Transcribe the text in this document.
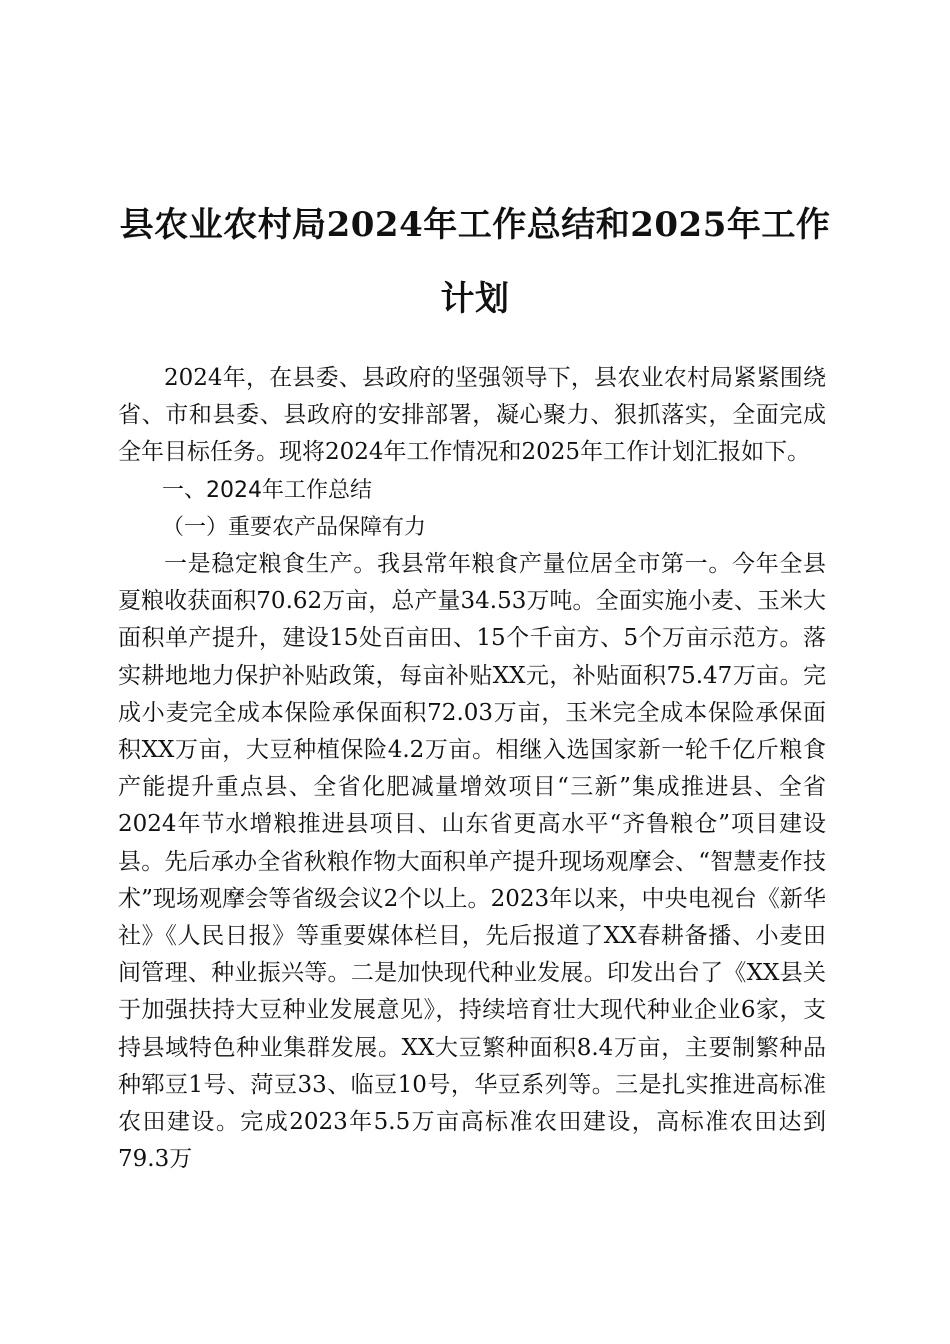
县农业农村局2024年工作总结和2025年工作计划

2024年，在县委、县政府的坚强领导下，县农业农村局紧紧围绕省、市和县委、县政府的安排部署，凝心聚力、狠抓落实，全面完成全年目标任务。现将2024年工作情况和2025年工作计划汇报如下。

一、2024年工作总结

（一）重要农产品保障有力

一是稳定粮食生产。我县常年粮食产量位居全市第一。今年全县夏粮收获面积70.62万亩，总产量34.53万吨。全面实施小麦、玉米大面积单产提升，建设15处百亩田、15个千亩方、5个万亩示范方。落实耕地地力保护补贴政策，每亩补贴XX元，补贴面积75.47万亩。完成小麦完全成本保险承保面积72.03万亩，玉米完全成本保险承保面积XX万亩，大豆种植保险4.2万亩。相继入选国家新一轮千亿斤粮食产能提升重点县、全省化肥减量增效项目“三新”集成推进县、全省2024年节水增粮推进县项目、山东省更高水平“齐鲁粮仓”项目建设县。先后承办全省秋粮作物大面积单产提升现场观摩会、“智慧麦作技术”现场观摩会等省级会议2个以上。2023年以来，中央电视台《新华社》《人民日报》等重要媒体栏目，先后报道了XX春耕备播、小麦田间管理、种业振兴等。二是加快现代种业发展。印发出台了《XX县关于加强扶持大豆种业发展意见》，持续培育壮大现代种业企业6家，支持县域特色种业集群发展。XX大豆繁种面积8.4万亩，主要制繁种品种郓豆1号、菏豆33、临豆10号，华豆系列等。三是扎实推进高标准农田建设。完成2023年5.5万亩高标准农田建设，高标准农田达到79.3万
